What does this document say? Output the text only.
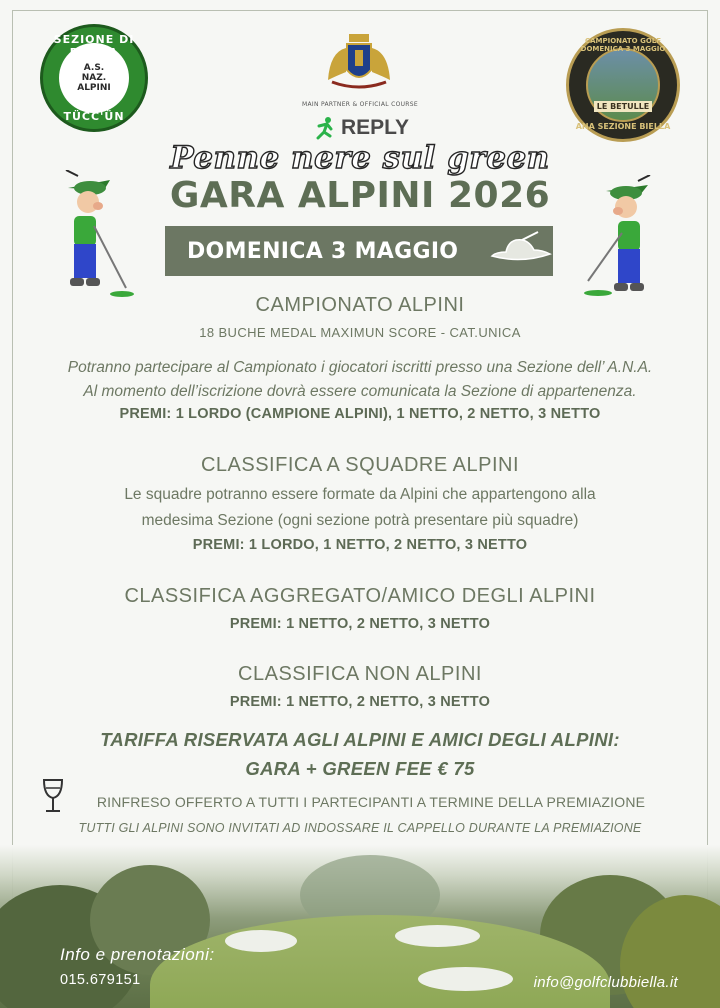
SEZIONE DI BIELLA
A.S.
NAZ.
ALPINI
TÜCC'ÜN
MAIN PARTNER & OFFICIAL COURSE
REPLY
CAMPIONATO GOLF DOMENICA 3 MAGGIO
LE BETULLE
ANA SEZIONE BIELLA
Penne nere sul green
GARA ALPINI 2026
DOMENICA 3 MAGGIO
CAMPIONATO ALPINI
18 BUCHE MEDAL MAXIMUN SCORE - CAT.UNICA
Potranno partecipare al Campionato i giocatori iscritti presso una Sezione dell’ A.N.A.
Al momento dell’iscrizione dovrà essere comunicata la Sezione di appartenenza.
PREMI: 1 LORDO (CAMPIONE ALPINI), 1 NETTO, 2 NETTO, 3 NETTO
CLASSIFICA A SQUADRE ALPINI
Le squadre potranno essere formate da Alpini che appartengono alla
medesima Sezione (ogni sezione potrà presentare più squadre)
PREMI: 1 LORDO, 1 NETTO, 2 NETTO, 3 NETTO
CLASSIFICA AGGREGATO/AMICO DEGLI ALPINI
PREMI: 1 NETTO, 2 NETTO, 3 NETTO
CLASSIFICA NON ALPINI
PREMI: 1 NETTO, 2 NETTO, 3 NETTO
TARIFFA RISERVATA AGLI ALPINI E AMICI DEGLI ALPINI:
GARA + GREEN FEE € 75
RINFRESO OFFERTO A TUTTI I PARTECIPANTI A TERMINE DELLA PREMIAZIONE
TUTTI GLI ALPINI SONO INVITATI AD INDOSSARE IL CAPPELLO DURANTE LA PREMIAZIONE
Info e prenotazioni:
015.679151	info@golfclubbiella.it
